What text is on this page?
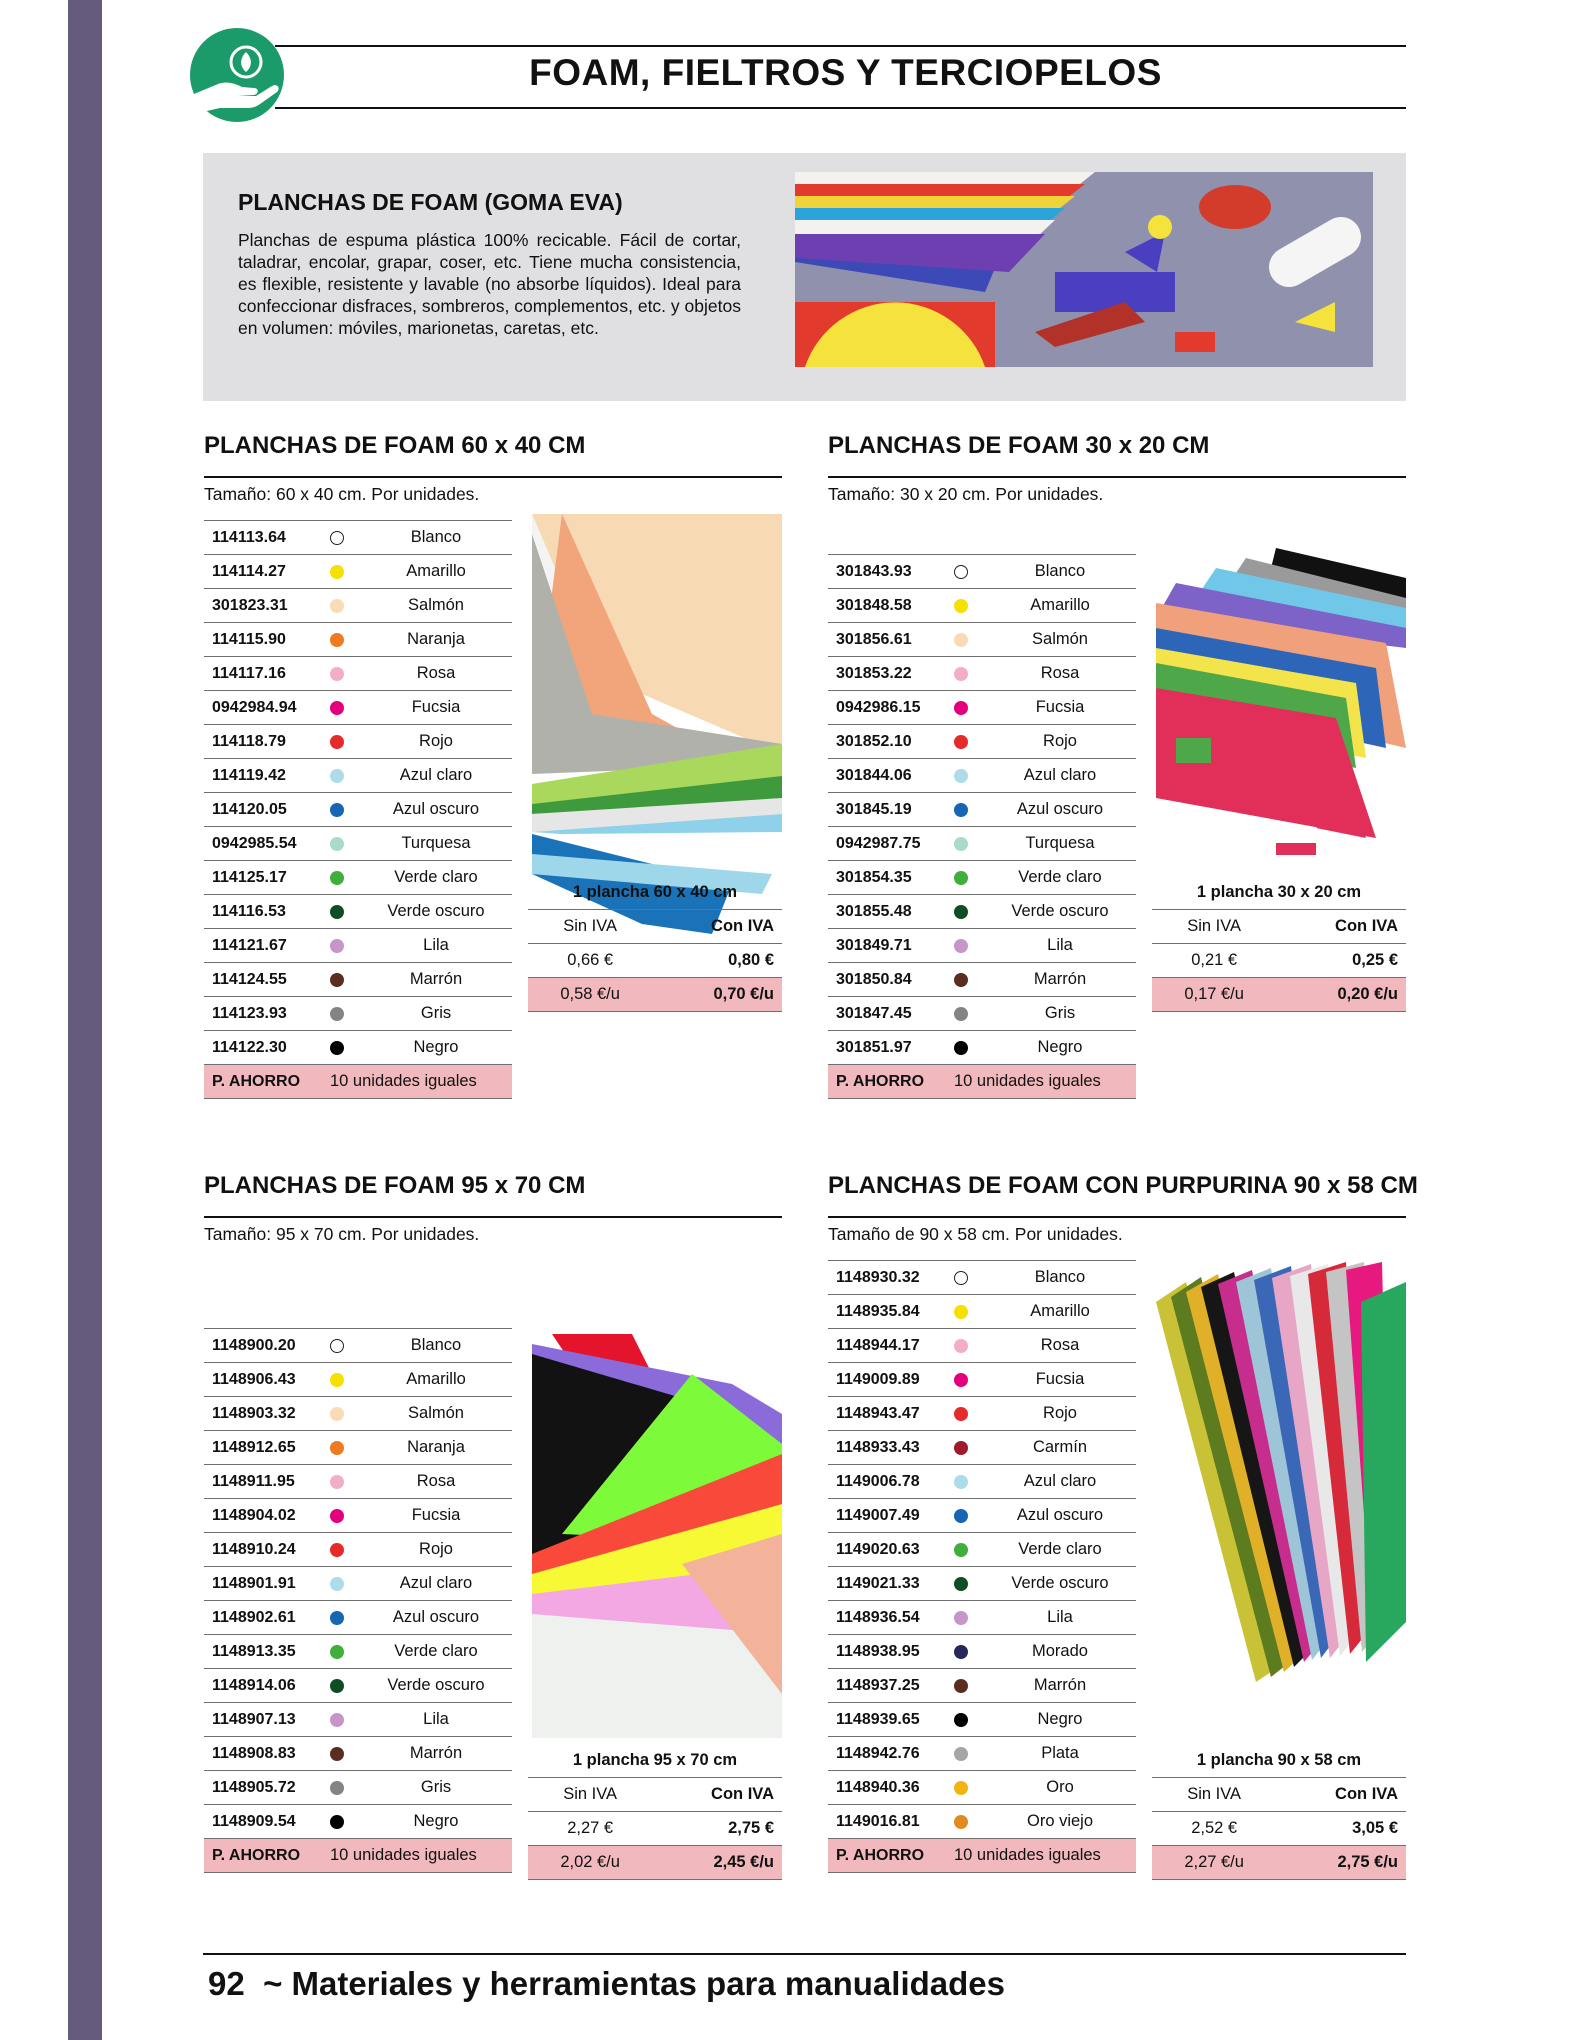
FOAM, FIELTROS Y TERCIOPELOS
PLANCHAS DE FOAM (GOMA EVA)

Planchas de espuma plástica 100% recicable. Fácil de cortar, taladrar, encolar, grapar, coser, etc. Tiene mucha consistencia, es flexible, resistente y lavable (no absorbe líquidos). Ideal para confeccionar disfraces, sombreros, complementos, etc. y objetos en volumen: móviles, marionetas, caretas, etc.

PLANCHAS DE FOAM 60 x 40 CM
Tamaño: 60 x 40 cm. Por unidades.
114113.64		Blanco
114114.27		Amarillo
301823.31		Salmón
114115.90		Naranja
114117.16		Rosa
0942984.94		Fucsia
114118.79		Rojo
114119.42		Azul claro
114120.05		Azul oscuro
0942985.54		Turquesa
114125.17		Verde claro
114116.53		Verde oscuro
114121.67		Lila
114124.55		Marrón
114123.93		Gris
114122.30		Negro
P. AHORRO	10 unidades iguales	
1 plancha 60 x 40 cm	
Sin IVA	Con IVA
0,66 €	0,80 €
0,58 €/u	0,70 €/u
PLANCHAS DE FOAM 30 x 20 CM
Tamaño: 30 x 20 cm. Por unidades.
301843.93		Blanco
301848.58		Amarillo
301856.61		Salmón
301853.22		Rosa
0942986.15		Fucsia
301852.10		Rojo
301844.06		Azul claro
301845.19		Azul oscuro
0942987.75		Turquesa
301854.35		Verde claro
301855.48		Verde oscuro
301849.71		Lila
301850.84		Marrón
301847.45		Gris
301851.97		Negro
P. AHORRO	10 unidades iguales	
1 plancha 30 x 20 cm	
Sin IVA	Con IVA
0,21 €	0,25 €
0,17 €/u	0,20 €/u
PLANCHAS DE FOAM 95 x 70 CM
Tamaño: 95 x 70 cm. Por unidades.
1148900.20		Blanco
1148906.43		Amarillo
1148903.32		Salmón
1148912.65		Naranja
1148911.95		Rosa
1148904.02		Fucsia
1148910.24		Rojo
1148901.91		Azul claro
1148902.61		Azul oscuro
1148913.35		Verde claro
1148914.06		Verde oscuro
1148907.13		Lila
1148908.83		Marrón
1148905.72		Gris
1148909.54		Negro
P. AHORRO	10 unidades iguales	
1 plancha 95 x 70 cm	
Sin IVA	Con IVA
2,27 €	2,75 €
2,02 €/u	2,45 €/u
PLANCHAS DE FOAM CON PURPURINA 90 x 58 CM
Tamaño de 90 x 58 cm. Por unidades.
1148930.32		Blanco
1148935.84		Amarillo
1148944.17		Rosa
1149009.89		Fucsia
1148943.47		Rojo
1148933.43		Carmín
1149006.78		Azul claro
1149007.49		Azul oscuro
1149020.63		Verde claro
1149021.33		Verde oscuro
1148936.54		Lila
1148938.95		Morado
1148937.25		Marrón
1148939.65		Negro
1148942.76		Plata
1148940.36		Oro
1149016.81		Oro viejo
P. AHORRO	10 unidades iguales	
1 plancha 90 x 58 cm	
Sin IVA	Con IVA
2,52 €	3,05 €
2,27 €/u	2,75 €/u
92 ~ Materiales y herramientas para manualidades
